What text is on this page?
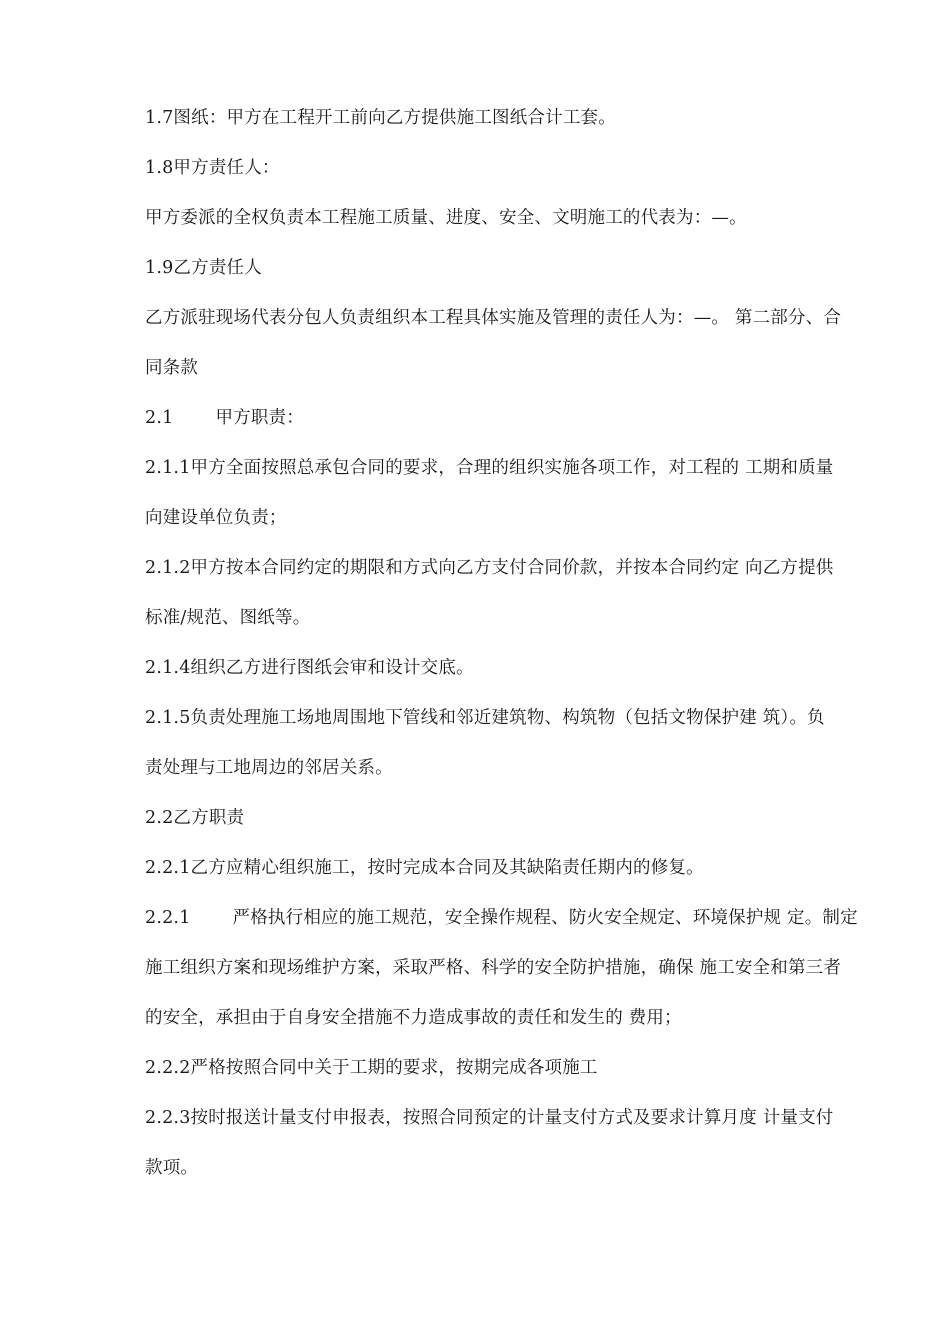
1.7图纸：甲方在工程开工前向乙方提供施工图纸合计工套。

1.8甲方责任人：

甲方委派的全权负责本工程施工质量、进度、安全、文明施工的代表为：—。

1.9乙方责任人

乙方派驻现场代表分包人负责组织本工程具体实施及管理的责任人为：—。 第二部分、合
同条款

2.1 甲方职责：

2.1.1甲方全面按照总承包合同的要求，合理的组织实施各项工作，对工程的 工期和质量
向建设单位负责；

2.1.2甲方按本合同约定的期限和方式向乙方支付合同价款，并按本合同约定 向乙方提供
标准/规范、图纸等。

2.1.4组织乙方进行图纸会审和设计交底。

2.1.5负责处理施工场地周围地下管线和邻近建筑物、构筑物（包括文物保护建 筑）。负
责处理与工地周边的邻居关系。

2.2乙方职责

2.2.1乙方应精心组织施工，按时完成本合同及其缺陷责任期内的修复。

2.2.1 严格执行相应的施工规范，安全操作规程、防火安全规定、环境保护规 定。制定
施工组织方案和现场维护方案，采取严格、科学的安全防护措施，确保 施工安全和第三者
的安全，承担由于自身安全措施不力造成事故的责任和发生的 费用；

2.2.2严格按照合同中关于工期的要求，按期完成各项施工

2.2.3按时报送计量支付申报表，按照合同预定的计量支付方式及要求计算月度 计量支付
款项。
